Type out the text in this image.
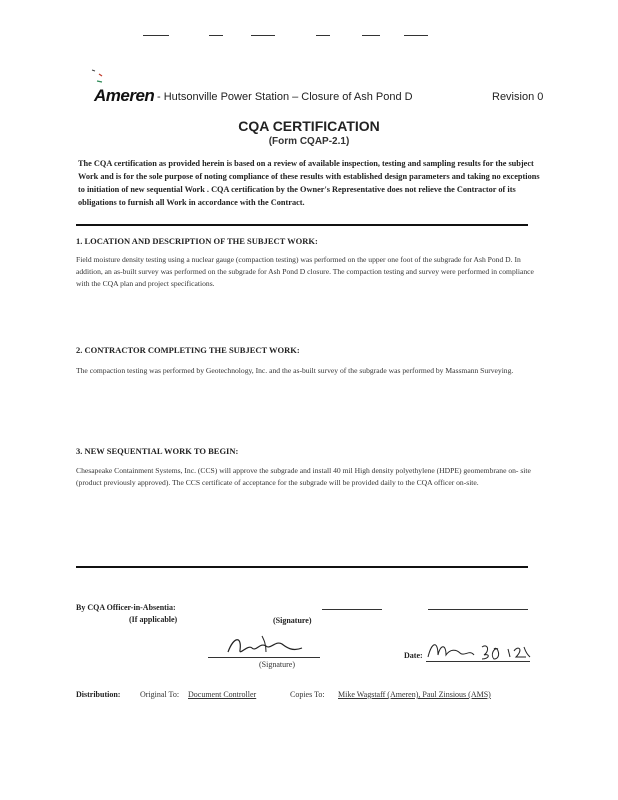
Ameren - Hutsonville Power Station – Closure of Ash Pond D	Revision 0
CQA CERTIFICATION
(Form CQAP-2.1)
The CQA certification as provided herein is based on a review of available inspection, testing and sampling results for the subject Work and is for the sole purpose of noting compliance of these results with established design parameters and taking no exceptions to initiation of new sequential Work . CQA certification by the Owner's Representative does not relieve the Contractor of its obligations to furnish all Work in accordance with the Contract.
1. LOCATION AND DESCRIPTION OF THE SUBJECT WORK:
Field moisture density testing using a nuclear gauge (compaction testing) was performed on the upper one foot of the subgrade for Ash Pond D. In addition, an as-built survey was performed on the subgrade for Ash Pond D closure. The compaction testing and survey were performed in compliance with the CQA plan and project specifications.
2. CONTRACTOR COMPLETING THE SUBJECT WORK:
The compaction testing was performed by Geotechnology, Inc. and the as-built survey of the subgrade was performed by Massmann Surveying.
3. NEW SEQUENTIAL WORK TO BEGIN:
Chesapeake Containment Systems, Inc. (CCS) will approve the subgrade and install 40 mil High density polyethylene (HDPE) geomembrane on- site (product previously approved). The CCS certificate of acceptance for the subgrade will be provided daily to the CQA officer on-site.
By CQA Officer-in-Absentia:
(If applicable)	(Signature)
(Signature)
Date:
Distribution: Original To: Document Controller	Copies To: Mike Wagstaff (Ameren), Paul Zinsious (AMS)
